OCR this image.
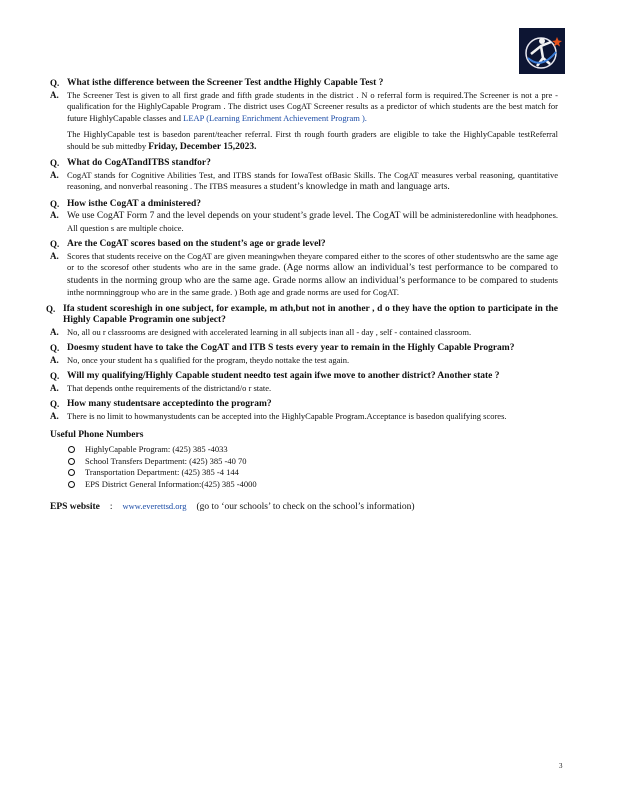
Q. What isthe difference between the Screener Test andthe Highly Capable Test ?
A. The Screener Test is given to all first grade and fifth grade students in the district . N o referral form is required.The Screener is not a pre -qualification for the HighlyCapable Program . The district uses CogAT Screener results as a predictor of which students are the best match for future HighlyCapable classes and LEAP (Learning Enrichment Achievement Program ).
The HighlyCapable test is basedon parent/teacher referral. First th rough fourth graders are eligible to take the HighlyCapable testReferral should be sub mittedby Friday, December 15,2023.
Q. What do CogATandITBS standfor?
A. CogAT stands for Cognitive Abilities Test, and ITBS stands for IowaTest ofBasic Skills. The CogAT measures verbal reasoning, quantitative reasoning, and nonverbal reasoning . The ITBS measures a student’s knowledge in math and language arts.
Q. How isthe CogAT a dministered?
A. We use CogAT Form 7 and the level depends on your student’s grade level. The CogAT will be administeredonline with headphones. All question s are multiple choice.
Q. Are the CogAT scores based on the student’s age or grade level?
A. Scores that students receive on the CogAT are given meaningwhen theyare compared either to the scores of other studentswho are the same age or to the scoresof other students who are in the same grade. (Age norms allow an individual’s test performance to be compared to students in the norming group who are the same age. Grade norms allow an individual’s performance to be compared to students inthe normninggroup who are in the same grade. ) Both age and grade norms are used for CogAT.
Q. Ifa student scoreshigh in one subject, for example, m ath,but not in another , d o they have the option to participate in the Highly Capable Programin one subject?
A. No, all ou r classrooms are designed with accelerated learning in all subjects inan all - day , self - contained classroom.
Q. Doesmy student have to take the CogAT and ITB S tests every year to remain in the Highly Capable Program?
A. No, once your student ha s qualified for the program, theydo nottake the test again.
Q. Will my qualifying/Highly Capable student needto test again ifwe move to another district? Another state ?
A. That depends onthe requirements of the districtand/o r state.
Q. How many studentsare acceptedinto the program?
A. There is no limit to howmanystudents can be accepted into the HighlyCapable Program.Acceptance is basedon qualifying scores.
Useful Phone Numbers
HighlyCapable Program: (425) 385 -4033
School Transfers Department: (425) 385 -40 70
Transportation Department: (425) 385 -4 144
EPS District General Information:(425) 385 -4000
EPS website : www.everettsd.org (go to ‘our schools’ to check on the school’s information)
3
